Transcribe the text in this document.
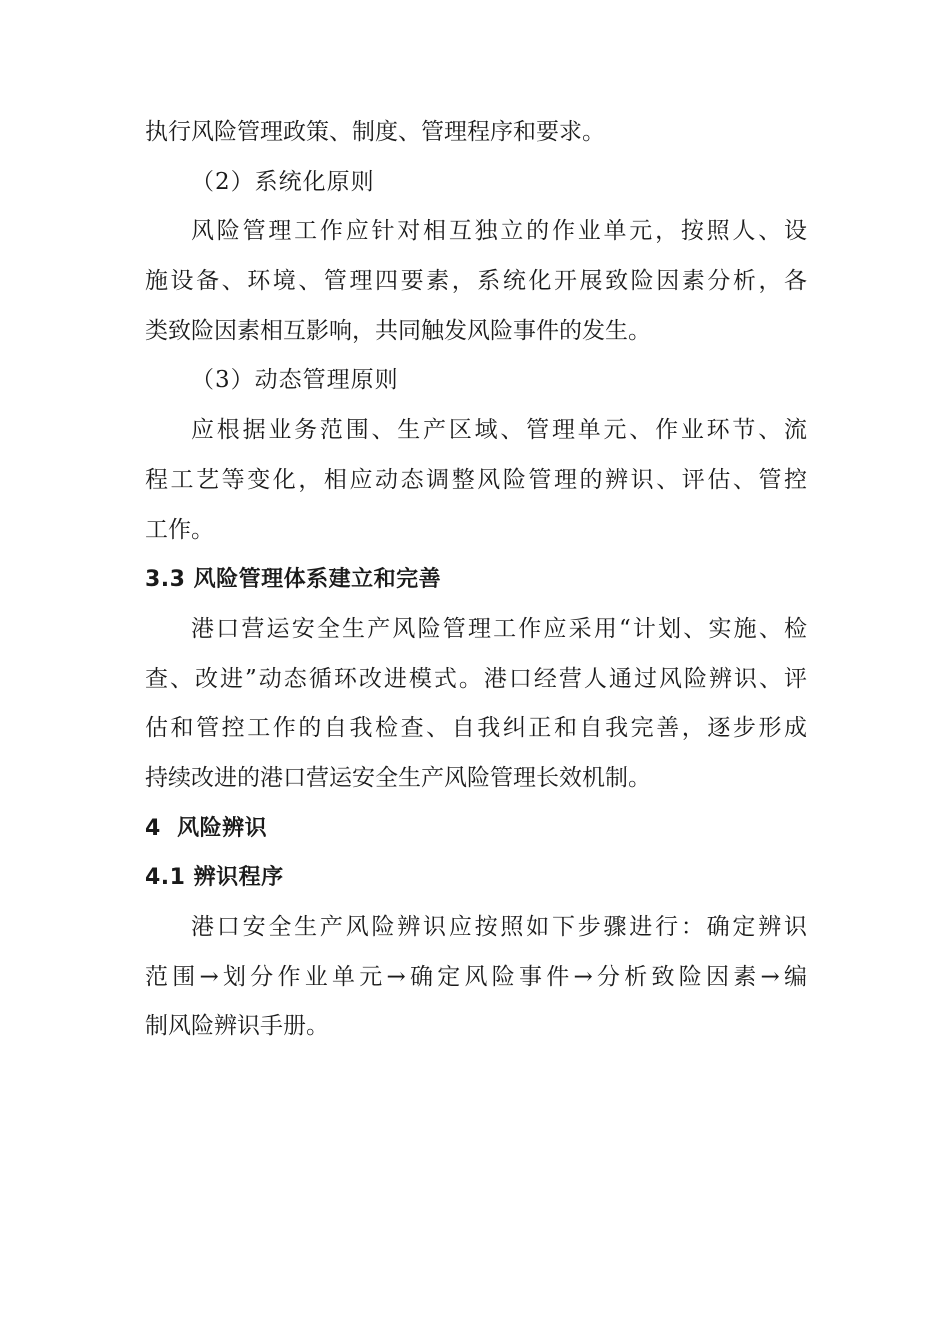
执行风险管理政策、制度、管理程序和要求。
（2）系统化原则
风险管理工作应针对相互独立的作业单元，按照人、设
施设备、环境、管理四要素，系统化开展致险因素分析，各
类致险因素相互影响，共同触发风险事件的发生。
（3）动态管理原则
应根据业务范围、生产区域、管理单元、作业环节、流
程工艺等变化，相应动态调整风险管理的辨识、评估、管控
工作。
3.3 风险管理体系建立和完善
港口营运安全生产风险管理工作应采用“计划、实施、检
查、改进”动态循环改进模式。港口经营人通过风险辨识、评
估和管控工作的自我检查、自我纠正和自我完善，逐步形成
持续改进的港口营运安全生产风险管理长效机制。
4  风险辨识
4.1 辨识程序
港口安全生产风险辨识应按照如下步骤进行：确定辨识
范围→划分作业单元→确定风险事件→分析致险因素→编
制风险辨识手册。
